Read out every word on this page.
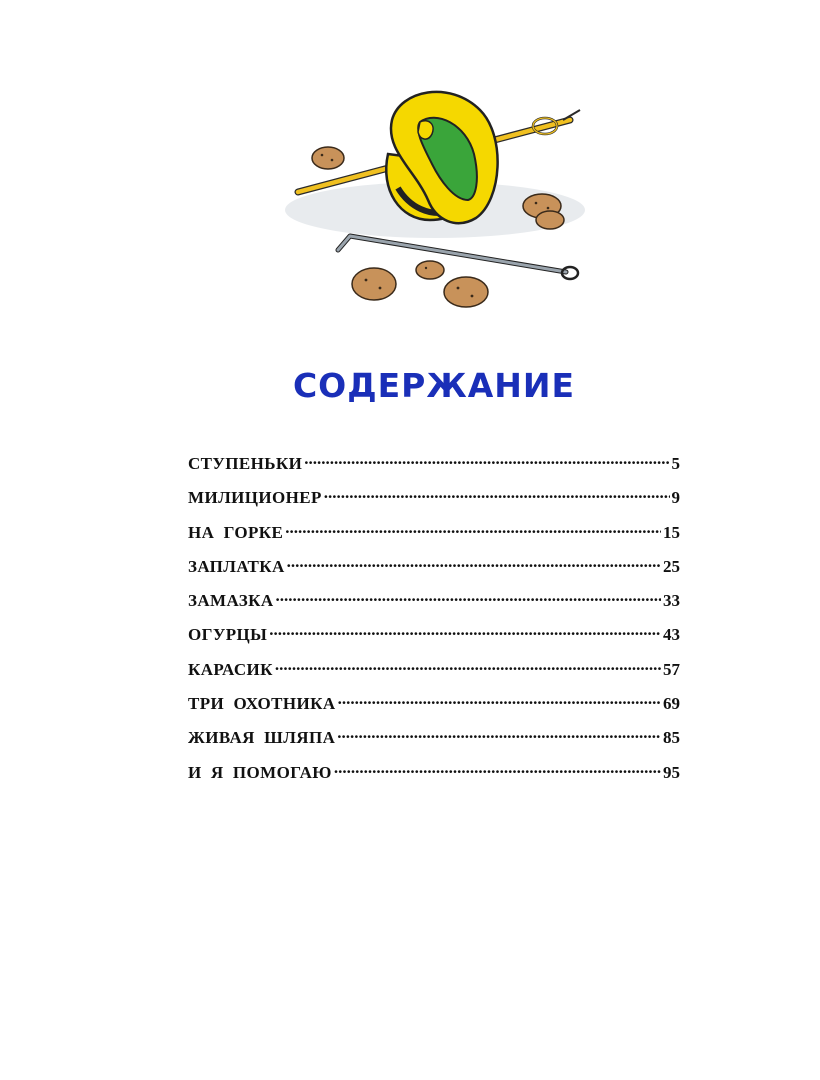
СОДЕРЖАНИЕ
СТУПЕНЬКИ .....	5
МИЛИЦИОНЕР .....	9
НА  ГОРКЕ .....	15
ЗАПЛАТКА .....	25
ЗАМАЗКА .....	33
ОГУРЦЫ .....	43
КАРАСИК .....	57
ТРИ  ОХОТНИКА .....	69
ЖИВАЯ  ШЛЯПА .....	85
И  Я  ПОМОГАЮ .....	95
